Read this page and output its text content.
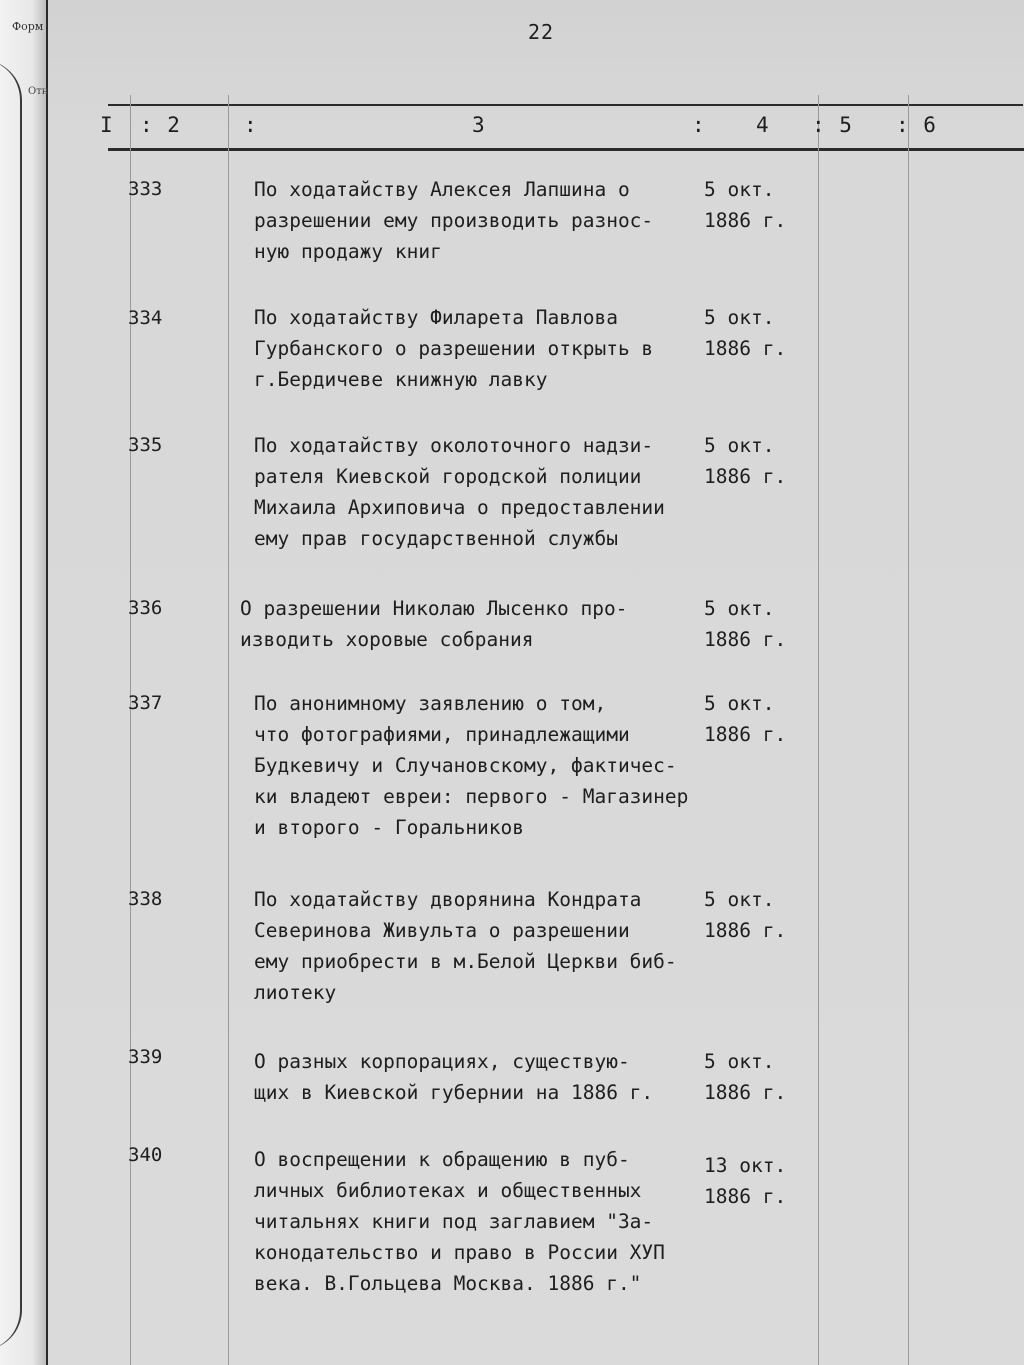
Форм
Отн
22

I : 2	:	3	: 4 : 5 : 6
333	По ходатайству Алексея Лапшина о
разрешении ему производить разнос-
ную продажу книг
5 окт.
1886 г.
334	По ходатайству Филарета Павлова
Гурбанского о разрешении открыть в
г.Бердичеве книжную лавку
5 окт.
1886 г.
335	По ходатайству околоточного надзи-
рателя Киевской городской полиции
Михаила Архиповича о предоставлении
ему прав государственной службы
5 окт.
1886 г.
336	О разрешении Николаю Лысенко про-
изводить хоровые собрания
5 окт.
1886 г.
337	По анонимному заявлению о том,
что фотографиями, принадлежащими
Будкевичу и Случановскому, фактичес-
ки владеют евреи: первого - Магазинер
и второго - Горальников
5 окт.
1886 г.
338	По ходатайству дворянина Кондрата
Северинова Живульта о разрешении
ему приобрести в м.Белой Церкви биб-
лиотеку
5 окт.
1886 г.
339	О разных корпорациях, существую-
щих в Киевской губернии на 1886 г.
5 окт.
1886 г.
340	О воспрещении к обращению в пуб-
личных библиотеках и общественных
читальнях книги под заглавием "За-
конодательство и право в России ХУП
века. В.Гольцева Москва. 1886 г."
13 окт.
1886 г.
